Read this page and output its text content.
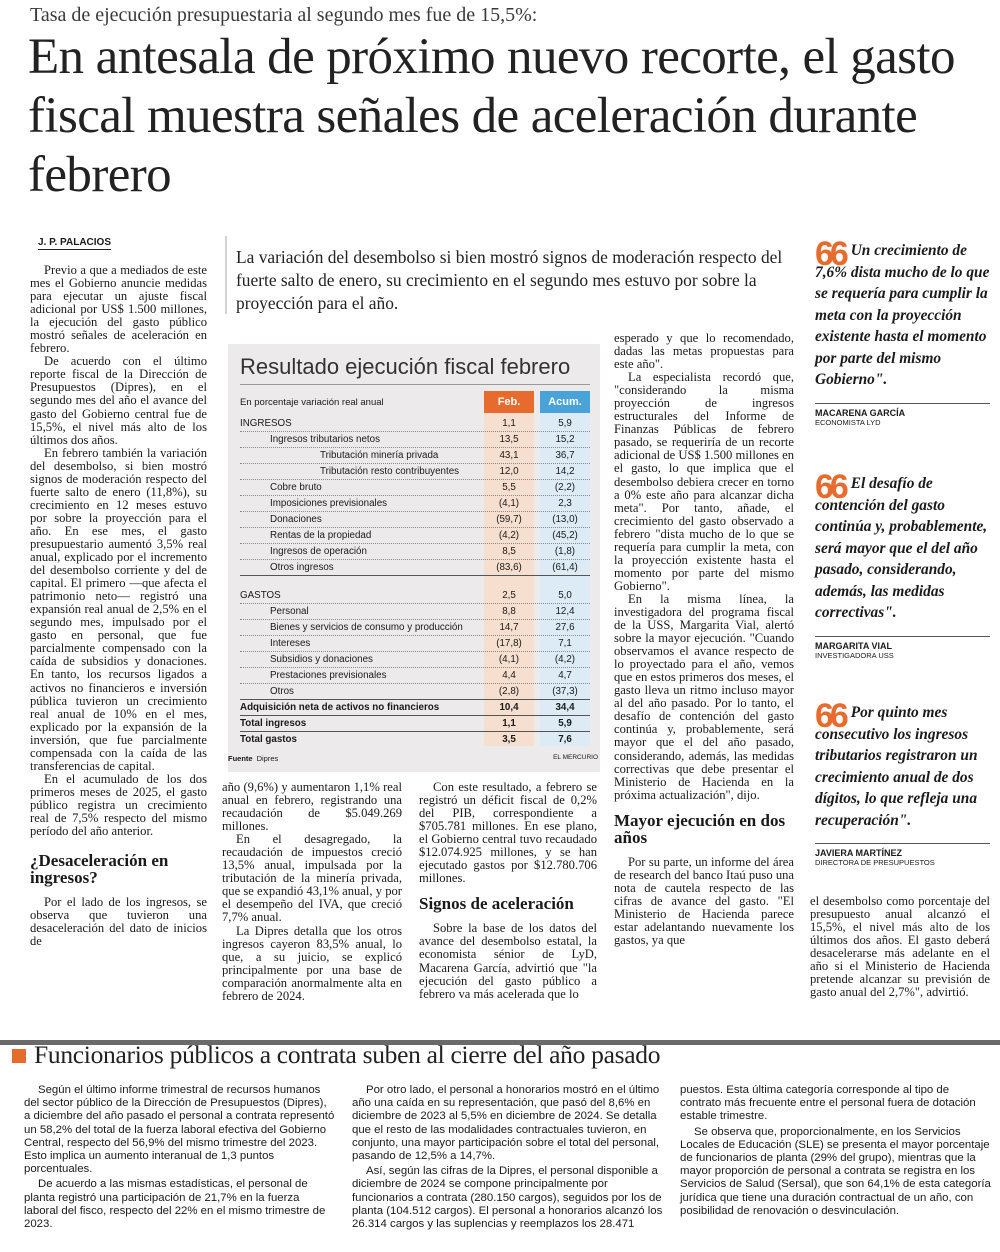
Tasa de ejecución presupuestaria al segundo mes fue de 15,5%:
En antesala de próximo nuevo recorte, el gasto fiscal muestra señales de aceleración durante febrero
J. P. PALACIOS

Previo a que a mediados de este mes el Gobierno anuncie medidas para ejecutar un ajuste fiscal adicional por US$ 1.500 millones, la ejecución del gasto público mostró señales de aceleración en febrero.

De acuerdo con el último reporte fiscal de la Dirección de Presupuestos (Dipres), en el segundo mes del año el avance del gasto del Gobierno central fue de 15,5%, el nivel más alto de los últimos dos años.

En febrero también la variación del desembolso, si bien mostró signos de moderación respecto del fuerte salto de enero (11,8%), su crecimiento en 12 meses estuvo por sobre la proyección para el año. En ese mes, el gasto presupuestario aumentó 3,5% real anual, explicado por el incremento del desembolso corriente y del de capital. El primero —que afecta el patrimonio neto— registró una expansión real anual de 2,5% en el segundo mes, impulsado por el gasto en personal, que fue parcialmente compensado con la caída de subsidios y donaciones. En tanto, los recursos ligados a activos no financieros e inversión pública tuvieron un crecimiento real anual de 10% en el mes, explicado por la expansión de la inversión, que fue parcialmente compensada con la caída de las transferencias de capital.

En el acumulado de los dos primeros meses de 2025, el gasto público registra un crecimiento real de 7,5% respecto del mismo período del año anterior.

¿Desaceleración en ingresos?

Por el lado de los ingresos, se observa que tuvieron una desaceleración del dato de inicios de

La variación del desembolso si bien mostró signos de moderación respecto del fuerte salto de enero, su crecimiento en el segundo mes estuvo por sobre la proyección para el año.
Resultado ejecución fiscal febrero
En porcentaje variación real anual	Feb.	Acum.
INGRESOS	1,1	5,9
Ingresos tributarios netos	13,5	15,2
Tributación minería privada	43,1	36,7
Tributación resto contribuyentes	12,0	14,2
Cobre bruto	5,5	(2,2)
Imposiciones previsionales	(4,1)	2,3
Donaciones	(59,7)	(13,0)
Rentas de la propiedad	(4,2)	(45,2)
Ingresos de operación	8,5	(1,8)
Otros ingresos	(83,6)	(61,4)
GASTOS	2,5	5,0
Personal	8,8	12,4
Bienes y servicios de consumo y producción	14,7	27,6
Intereses	(17,8)	7,1
Subsidios y donaciones	(4,1)	(4,2)
Prestaciones previsionales	4,4	4,7
Otros	(2,8)	(37,3)
Adquisición neta de activos no financieros	10,4	34,4
Total ingresos	1,1	5,9
Total gastos	3,5	7,6
Fuente Dipres	EL MERCURIO

año (9,6%) y aumentaron 1,1% real anual en febrero, registrando una recaudación de $5.049.269 millones.

En el desagregado, la recaudación de impuestos creció 13,5% anual, impulsada por la tributación de la minería privada, que se expandió 43,1% anual, y por el desempeño del IVA, que creció 7,7% anual.

La Dipres detalla que los otros ingresos cayeron 83,5% anual, lo que, a su juicio, se explicó principalmente por una base de comparación anormalmente alta en febrero de 2024.

Con este resultado, a febrero se registró un déficit fiscal de 0,2% del PIB, correspondiente a $705.781 millones. En ese plano, el Gobierno central tuvo recaudado $12.074.925 millones, y se han ejecutado gastos por $12.780.706 millones.

Signos de aceleración

Sobre la base de los datos del avance del desembolso estatal, la economista sénior de LyD, Macarena García, advirtió que "la ejecución del gasto público a febrero va más acelerada que lo

esperado y que lo recomendado, dadas las metas propuestas para este año".

La especialista recordó que, "considerando la misma proyección de ingresos estructurales del Informe de Finanzas Públicas de febrero pasado, se requeriría de un recorte adicional de US$ 1.500 millones en el gasto, lo que implica que el desembolso debiera crecer en torno a 0% este año para alcanzar dicha meta". Por tanto, añade, el crecimiento del gasto observado a febrero "dista mucho de lo que se requería para cumplir la meta, con la proyección existente hasta el momento por parte del mismo Gobierno".

En la misma línea, la investigadora del programa fiscal de la USS, Margarita Vial, alertó sobre la mayor ejecución. "Cuando observamos el avance respecto de lo proyectado para el año, vemos que en estos primeros dos meses, el gasto lleva un ritmo incluso mayor al del año pasado. Por lo tanto, el desafío de contención del gasto continúa y, probablemente, será mayor que el del año pasado, considerando, además, las medidas correctivas que debe presentar el Ministerio de Hacienda en la próxima actualización", dijo.

Mayor ejecución en dos años

Por su parte, un informe del área de research del banco Itaú puso una nota de cautela respecto de las cifras de avance del gasto. "El Ministerio de Hacienda parece estar adelantando nuevamente los gastos, ya que

66 Un crecimiento de 7,6% dista mucho de lo que se requería para cumplir la meta con la proyección existente hasta el momento por parte del mismo Gobierno".
MACARENA GARCÍA
ECONOMISTA LYD
66 El desafío de contención del gasto continúa y, probablemente, será mayor que el del año pasado, considerando, además, las medidas correctivas".
MARGARITA VIAL
INVESTIGADORA USS
66 Por quinto mes consecutivo los ingresos tributarios registraron un crecimiento anual de dos dígitos, lo que refleja una recuperación".
JAVIERA MARTÍNEZ
DIRECTORA DE PRESUPUESTOS

el desembolso como porcentaje del presupuesto anual alcanzó el 15,5%, el nivel más alto de los últimos dos años. El gasto deberá desacelerarse más adelante en el año si el Ministerio de Hacienda pretende alcanzar su previsión de gasto anual del 2,7%", advirtió.

Funcionarios públicos a contrata suben al cierre del año pasado

Según el último informe trimestral de recursos humanos del sector público de la Dirección de Presupuestos (Dipres), a diciembre del año pasado el personal a contrata representó un 58,2% del total de la fuerza laboral efectiva del Gobierno Central, respecto del 56,9% del mismo trimestre del 2023. Esto implica un aumento interanual de 1,3 puntos porcentuales.

De acuerdo a las mismas estadísticas, el personal de planta registró una participación de 21,7% en la fuerza laboral del fisco, respecto del 22% en el mismo trimestre de 2023.

Por otro lado, el personal a honorarios mostró en el último año una caída en su representación, que pasó del 8,6% en diciembre de 2023 al 5,5% en diciembre de 2024. Se detalla que el resto de las modalidades contractuales tuvieron, en conjunto, una mayor participación sobre el total del personal, pasando de 12,5% a 14,7%.

Así, según las cifras de la Dipres, el personal disponible a diciembre de 2024 se compone principalmente por funcionarios a contrata (280.150 cargos), seguidos por los de planta (104.512 cargos). El personal a honorarios alcanzó los 26.314 cargos y las suplencias y reemplazos los 28.471

puestos. Esta última categoría corresponde al tipo de contrato más frecuente entre el personal fuera de dotación estable trimestre.

Se observa que, proporcionalmente, en los Servicios Locales de Educación (SLE) se presenta el mayor porcentaje de funcionarios de planta (29% del grupo), mientras que la mayor proporción de personal a contrata se registra en los Servicios de Salud (Sersal), que son 64,1% de esta categoría jurídica que tiene una duración contractual de un año, con posibilidad de renovación o desvinculación.
